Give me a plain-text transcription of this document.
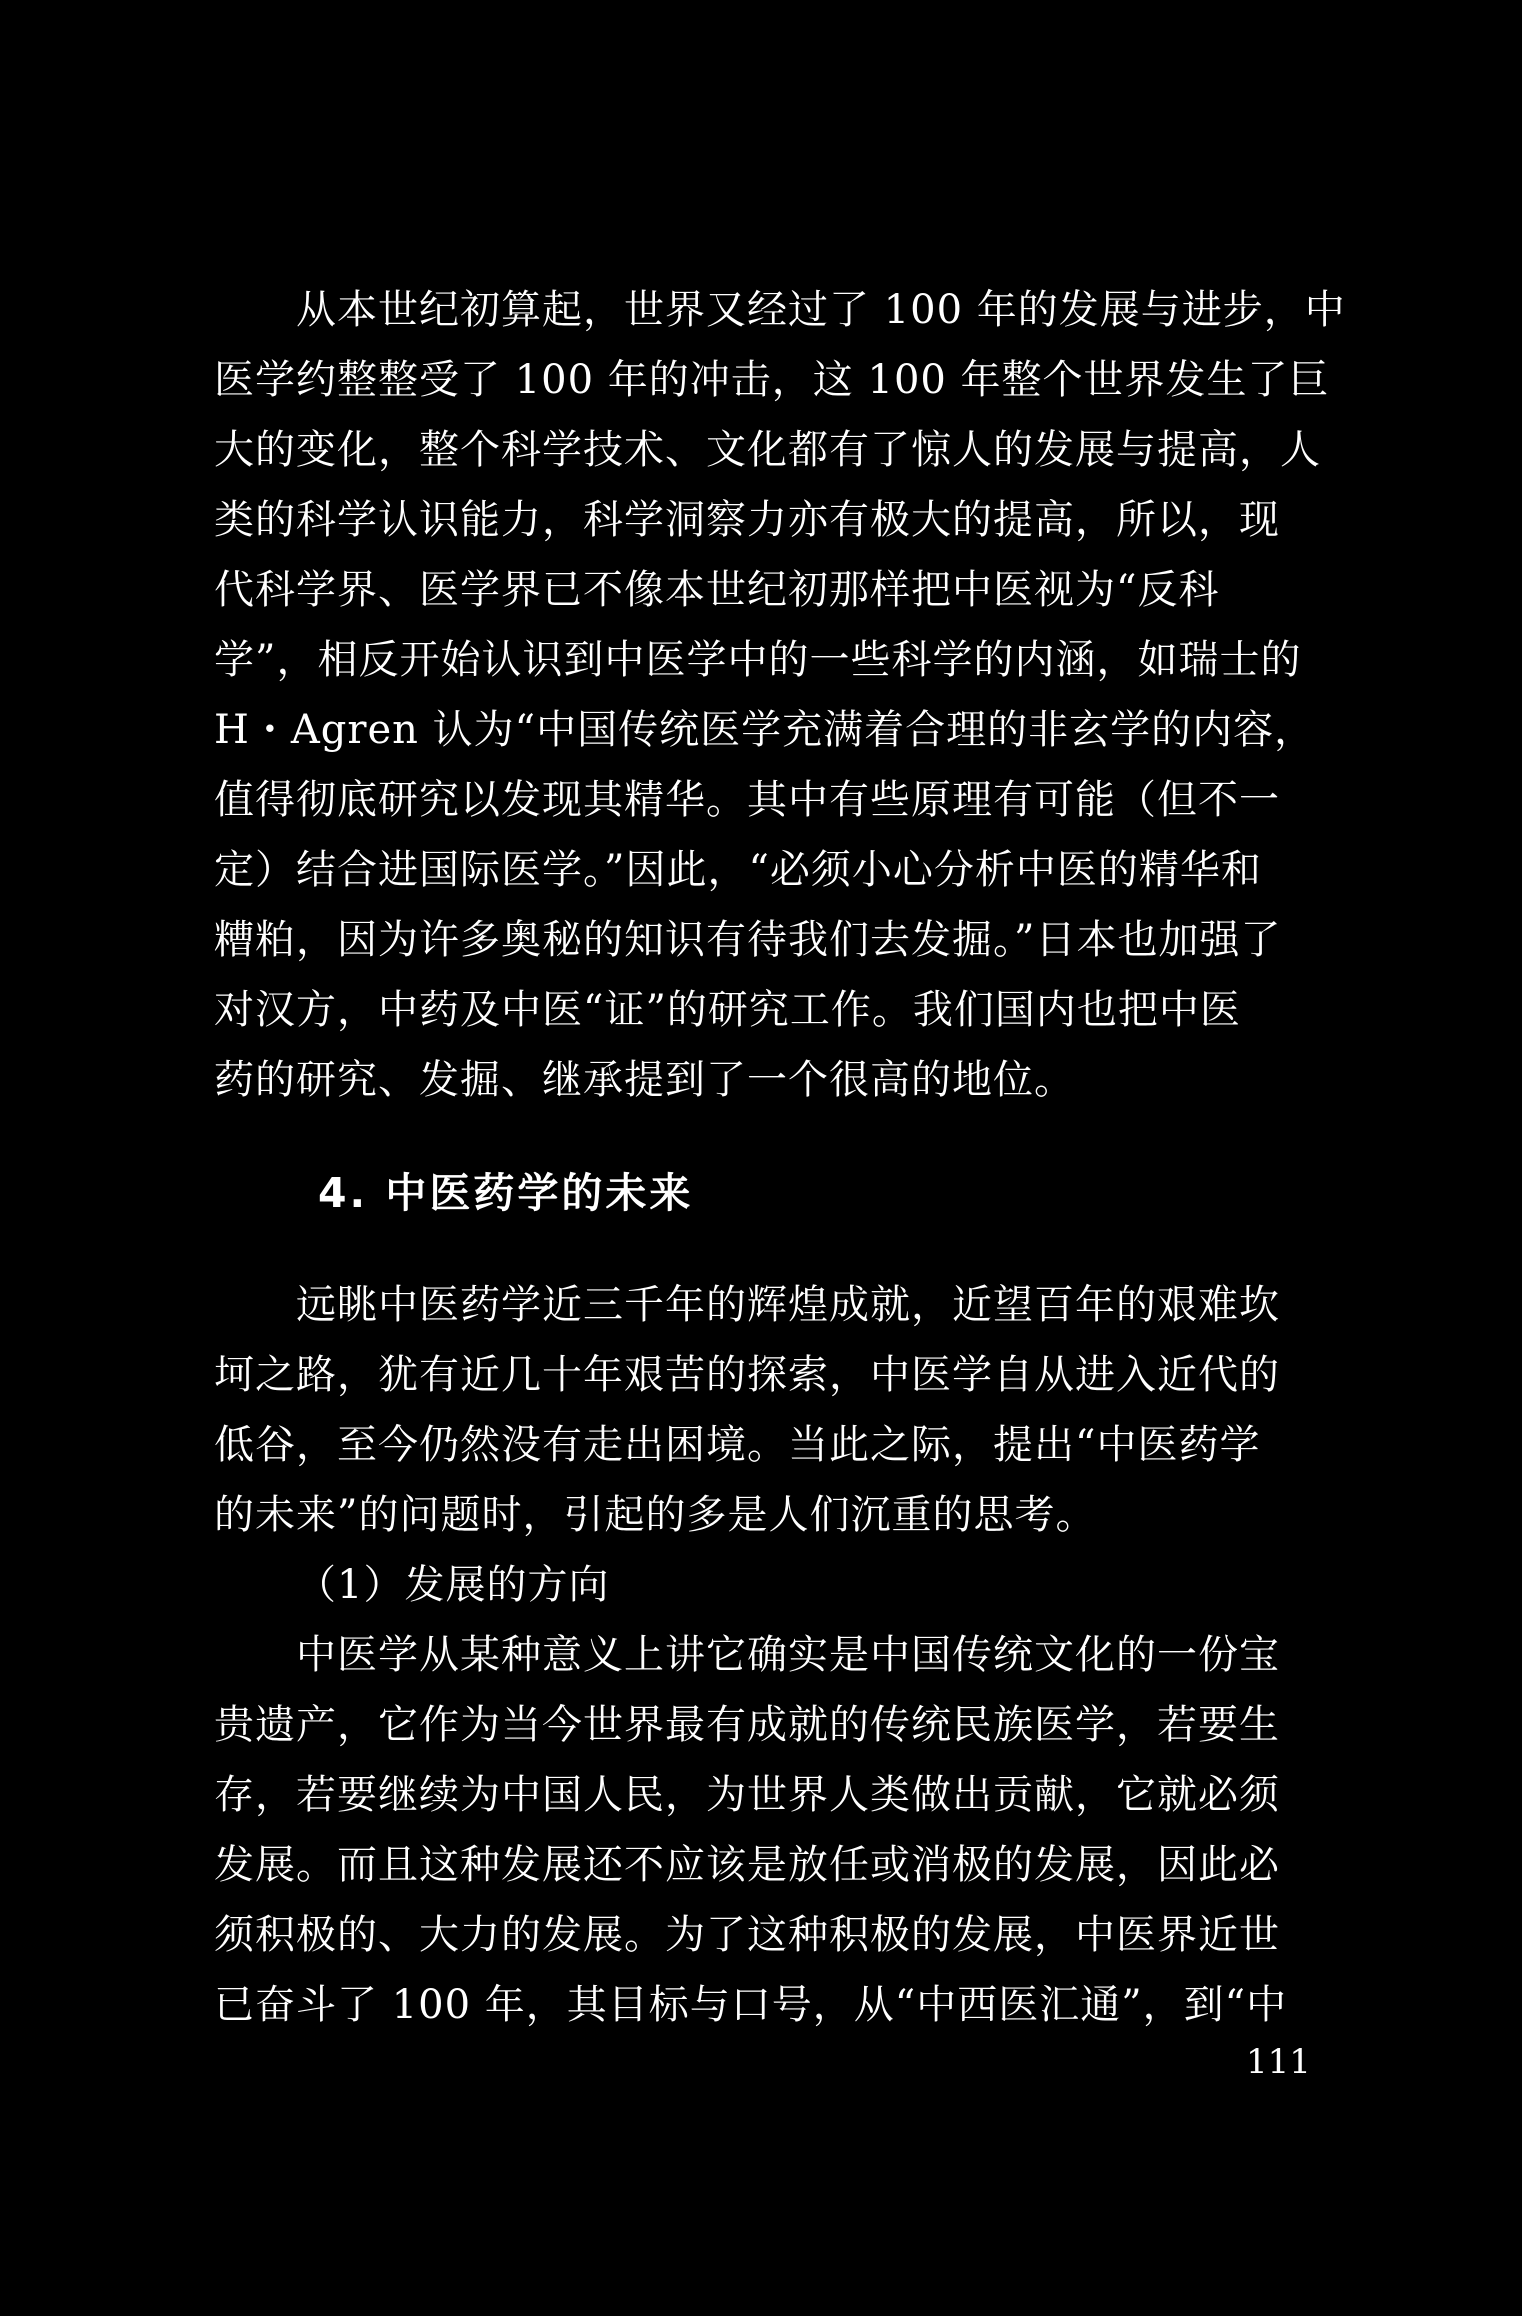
从本世纪初算起，世界又经过了 100 年的发展与进步，中
医学约整整受了 100 年的冲击，这 100 年整个世界发生了巨
大的变化，整个科学技术、文化都有了惊人的发展与提高，人
类的科学认识能力，科学洞察力亦有极大的提高，所以，现
代科学界、医学界已不像本世纪初那样把中医视为“反科
学”，相反开始认识到中医学中的一些科学的内涵，如瑞士的
H・Agren 认为“中国传统医学充满着合理的非玄学的内容，
值得彻底研究以发现其精华。其中有些原理有可能（但不一
定）结合进国际医学。”因此，“必须小心分析中医的精华和
糟粕，因为许多奥秘的知识有待我们去发掘。”日本也加强了
对汉方，中药及中医“证”的研究工作。我们国内也把中医
药的研究、发掘、继承提到了一个很高的地位。
4. 中医药学的未来
远眺中医药学近三千年的辉煌成就，近望百年的艰难坎
坷之路，犹有近几十年艰苦的探索，中医学自从进入近代的
低谷，至今仍然没有走出困境。当此之际，提出“中医药学
的未来”的问题时，引起的多是人们沉重的思考。
（1）发展的方向
中医学从某种意义上讲它确实是中国传统文化的一份宝
贵遗产，它作为当今世界最有成就的传统民族医学，若要生
存，若要继续为中国人民，为世界人类做出贡献，它就必须
发展。而且这种发展还不应该是放任或消极的发展，因此必
须积极的、大力的发展。为了这种积极的发展，中医界近世
已奋斗了 100 年，其目标与口号，从“中西医汇通”，到“中
111
